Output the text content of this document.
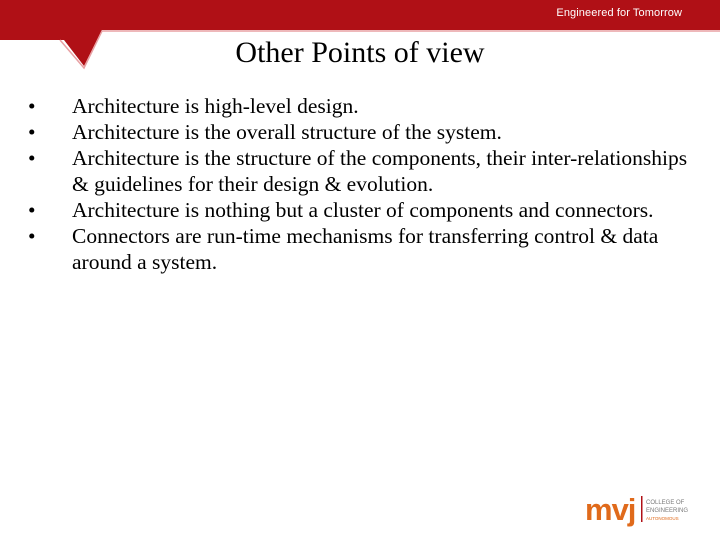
Engineered for Tomorrow
Other Points of view
• Architecture is high-level design.
• Architecture is the overall structure of the system.
• Architecture is the structure of the components, their inter-relationships & guidelines for their design & evolution.
• Architecture is nothing but a cluster of components and connectors.
• Connectors are run-time mechanisms for transferring control & data around a system.
mvj COLLEGE OF
ENGINEERING
AUTONOMOUS
